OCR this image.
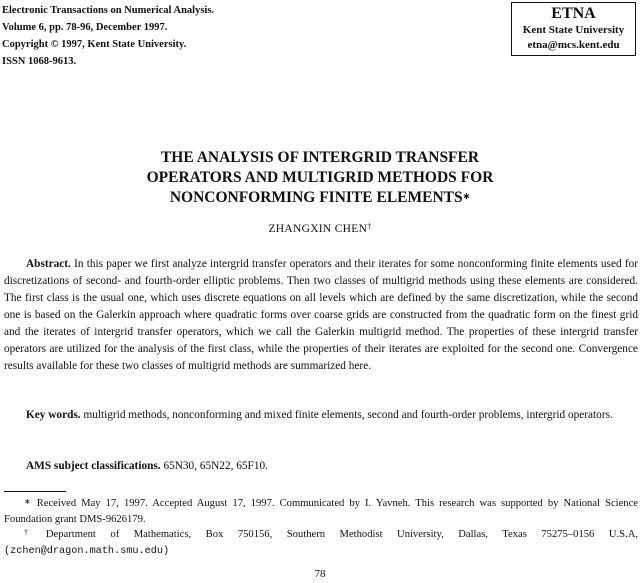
Electronic Transactions on Numerical Analysis.
Volume 6, pp. 78-96, December 1997.
Copyright © 1997, Kent State University.
ISSN 1068-9613.
ETNA
Kent State University
etna@mcs.kent.edu
THE ANALYSIS OF INTERGRID TRANSFER
OPERATORS AND MULTIGRID METHODS FOR
NONCONFORMING FINITE ELEMENTS∗
ZHANGXIN CHEN†
Abstract. In this paper we first analyze intergrid transfer operators and their iterates for some nonconforming finite elements used for discretizations of second- and fourth-order elliptic problems. Then two classes of multigrid methods using these elements are considered. The first class is the usual one, which uses discrete equations on all levels which are defined by the same discretization, while the second one is based on the Galerkin approach where quadratic forms over coarse grids are constructed from the quadratic form on the finest grid and the iterates of intergrid transfer operators, which we call the Galerkin multigrid method. The properties of these intergrid transfer operators are utilized for the analysis of the first class, while the properties of their iterates are exploited for the second one. Convergence results available for these two classes of multigrid methods are summarized here.
Key words. multigrid methods, nonconforming and mixed finite elements, second and fourth-order problems, intergrid operators.
AMS subject classifications. 65N30, 65N22, 65F10.
∗ Received May 17, 1997. Accepted August 17, 1997. Communicated by I. Yavneh. This research was supported by National Science Foundation grant DMS-9626179.
† Department of Mathematics, Box 750156, Southern Methodist University, Dallas, Texas 75275–0156 U.S.A, (zchen@dragon.math.smu.edu)
78
